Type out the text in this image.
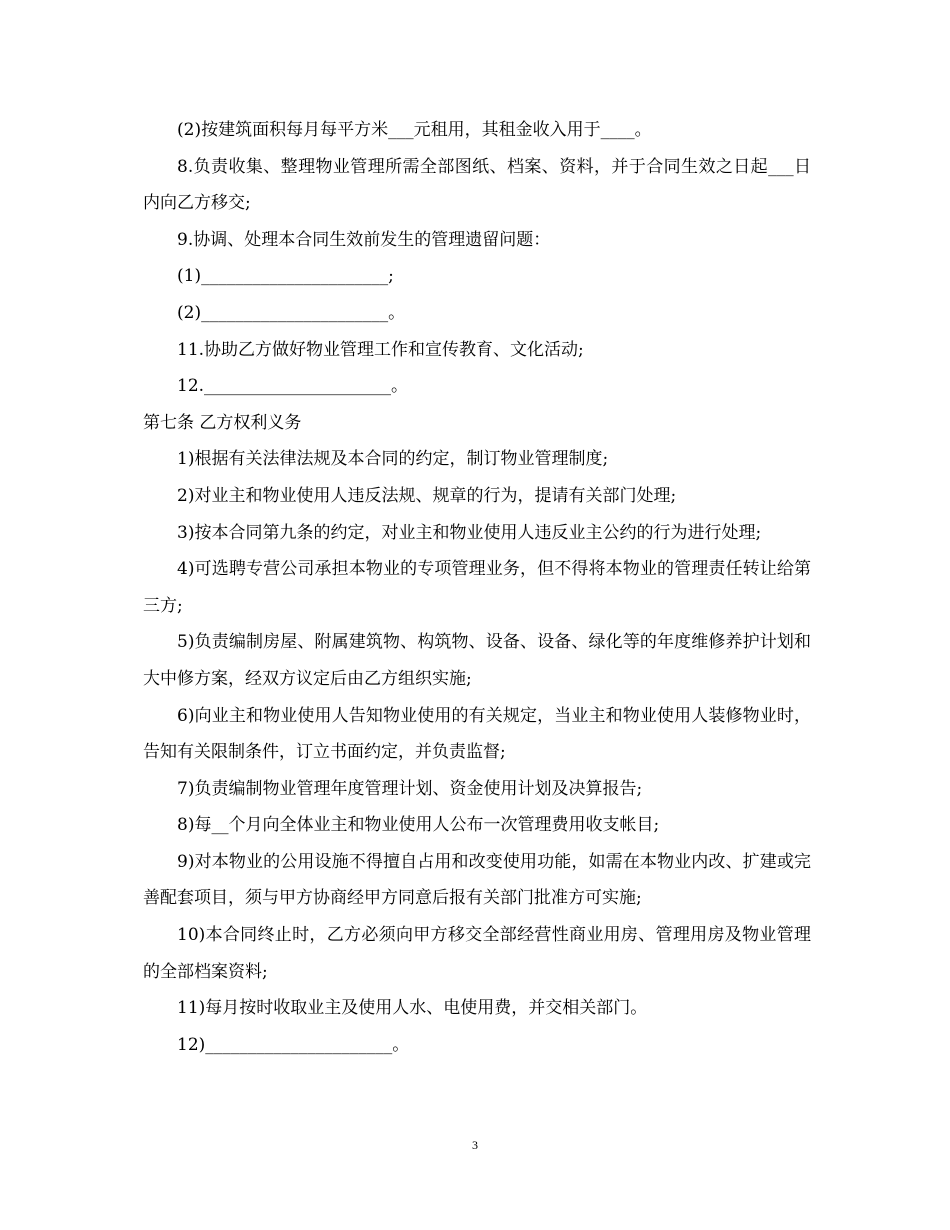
(2)按建筑面积每月每平方米___元租用，其租金收入用于____。

8.负责收集、整理物业管理所需全部图纸、档案、资料，并于合同生效之日起___日内向乙方移交;

9.协调、处理本合同生效前发生的管理遗留问题：

(1)______________________;

(2)______________________。

11.协助乙方做好物业管理工作和宣传教育、文化活动;

12.______________________。

第七条 乙方权利义务

1)根据有关法律法规及本合同的约定，制订物业管理制度;

2)对业主和物业使用人违反法规、规章的行为，提请有关部门处理;

3)按本合同第九条的约定，对业主和物业使用人违反业主公约的行为进行处理;

4)可选聘专营公司承担本物业的专项管理业务，但不得将本物业的管理责任转让给第三方;

5)负责编制房屋、附属建筑物、构筑物、设备、设备、绿化等的年度维修养护计划和大中修方案，经双方议定后由乙方组织实施;

6)向业主和物业使用人告知物业使用的有关规定，当业主和物业使用人装修物业时，告知有关限制条件，订立书面约定，并负责监督;

7)负责编制物业管理年度管理计划、资金使用计划及决算报告;

8)每__个月向全体业主和物业使用人公布一次管理费用收支帐目;

9)对本物业的公用设施不得擅自占用和改变使用功能，如需在本物业内改、扩建或完善配套项目，须与甲方协商经甲方同意后报有关部门批准方可实施;

10)本合同终止时，乙方必须向甲方移交全部经营性商业用房、管理用房及物业管理的全部档案资料;

11)每月按时收取业主及使用人水、电使用费，并交相关部门。

12)______________________。

3
